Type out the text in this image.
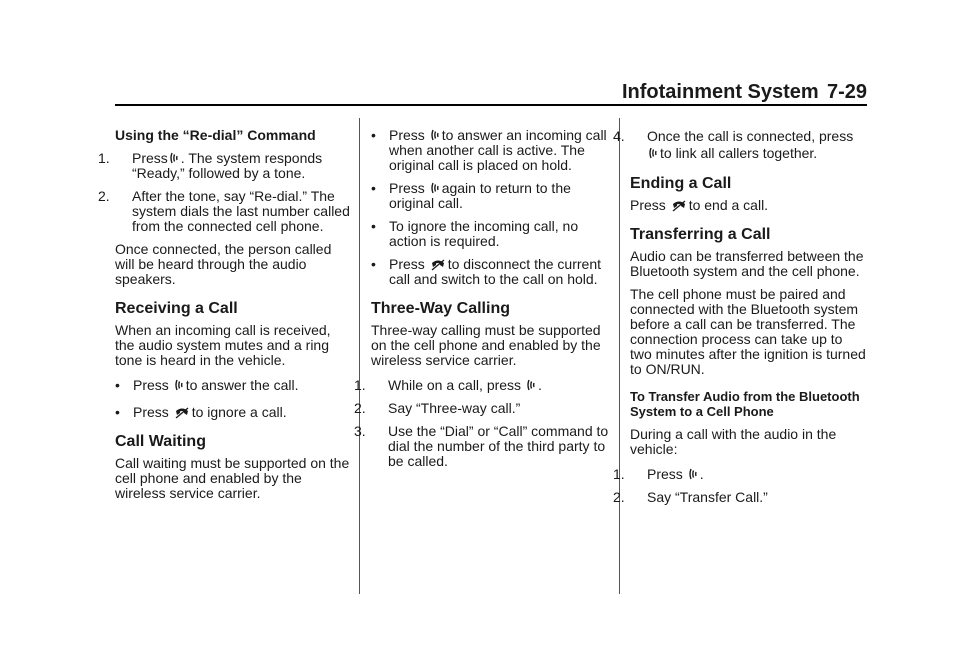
Infotainment System 7-29
Using the “Re-dial” Command
1. Press . The system responds “Ready,” followed by a tone.
2. After the tone, say “Re-dial.” The system dials the last number called from the connected cell phone.

Once connected, the person called will be heard through the audio speakers.

Receiving a Call

When an incoming call is received, the audio system mutes and a ring tone is heard in the vehicle.

• Press to answer the call.
• Press to ignore a call.
Call Waiting

Call waiting must be supported on the cell phone and enabled by the wireless service carrier.

• Press to answer an incoming call when another call is active. The original call is placed on hold.
• Press again to return to the original call.
• To ignore the incoming call, no action is required.
• Press to disconnect the current call and switch to the call on hold.
Three-Way Calling

Three-way calling must be supported on the cell phone and enabled by the wireless service carrier.

1. While on a call, press .
2. Say “Three-way call.”
3. Use the “Dial” or “Call” command to dial the number of the third party to be called.
4. Once the call is connected, press
to link all callers together.
Ending a Call

Press to end a call.

Transferring a Call

Audio can be transferred between the Bluetooth system and the cell phone.

The cell phone must be paired and connected with the Bluetooth system before a call can be transferred. The connection process can take up to two minutes after the ignition is turned to ON/RUN.

To Transfer Audio from the Bluetooth System to a Cell Phone

During a call with the audio in the vehicle:

1. Press .
2. Say “Transfer Call.”
